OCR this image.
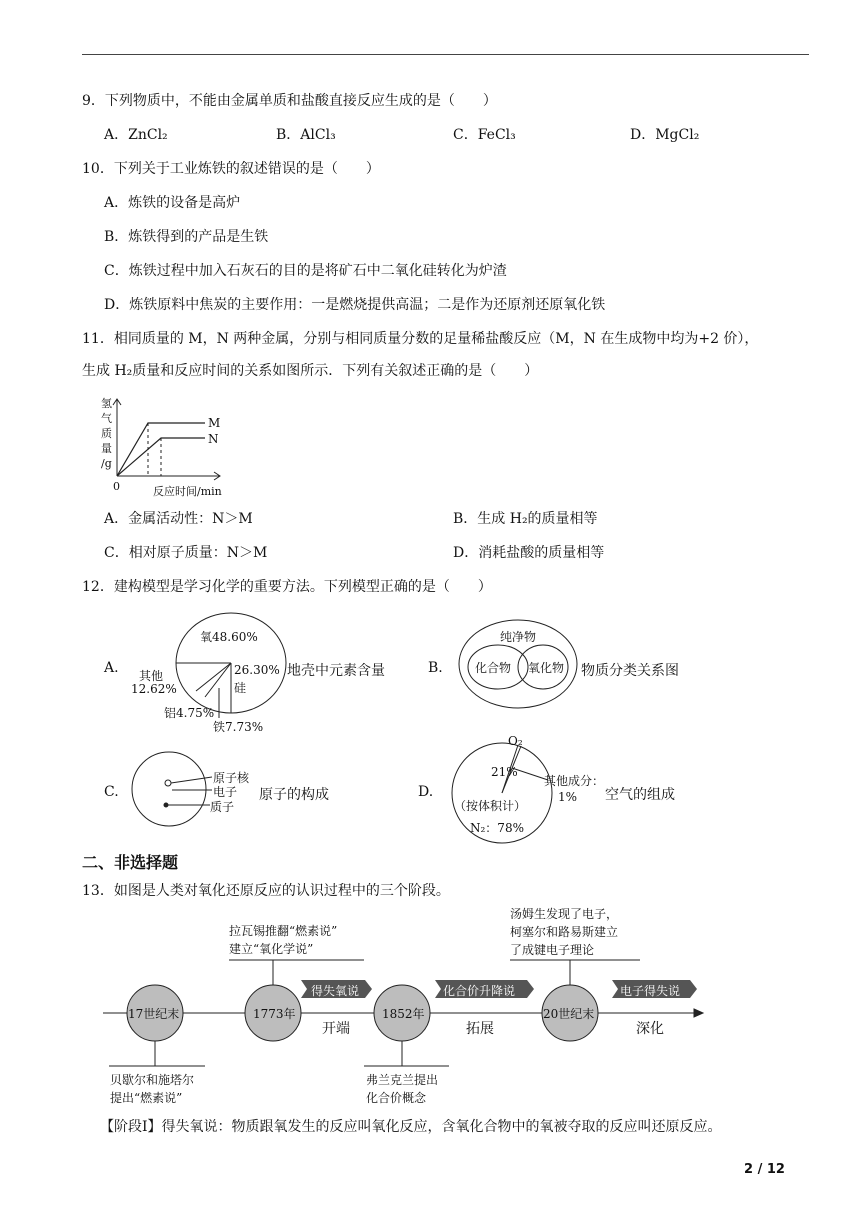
9．下列物质中，不能由金属单质和盐酸直接反应生成的是（　　）
A．ZnCl₂	B．AlCl₃	C．FeCl₃	D．MgCl₂
10．下列关于工业炼铁的叙述错误的是（　　）
A．炼铁的设备是高炉
B．炼铁得到的产品是生铁
C．炼铁过程中加入石灰石的目的是将矿石中二氧化硅转化为炉渣
D．炼铁原料中焦炭的主要作用：一是燃烧提供高温；二是作为还原剂还原氧化铁
11．相同质量的 M，N 两种金属，分别与相同质量分数的足量稀盐酸反应（M，N 在生成物中均为+2 价），
生成 H₂质量和反应时间的关系如图所示．下列有关叙述正确的是（　　）
氢
气
质
量
/g
0	反应时间/min
M
N
A．金属活动性：N＞M	B．生成 H₂的质量相等
C．相对原子质量：N＞M	D．消耗盐酸的质量相等
12．建构模型是学习化学的重要方法。下列模型正确的是（　　）
A.
氧48.60%
26.30%
硅
其他
12.62%
铝4.75%
铁7.73%
地壳中元素含量	B.
纯净物
化合物 氧化物 物质分类关系图
C.
原子核
电子
质子
原子的构成	D.
O₂
21%
其他成分：
1%
（按体积计）
N₂：78%
空气的组成
二、非选择题
13．如图是人类对氧化还原反应的认识过程中的三个阶段。
拉瓦锡推翻“燃素说”
建立“氧化学说”
汤姆生发现了电子，
柯塞尔和路易斯建立
了成键电子理论
得失氧说	化合价升降说	电子得失说
17世纪末	1773年	1852年	20世纪末
开端	拓展	深化
贝歇尔和施塔尔
提出“燃素说”
弗兰克兰提出
化合价概念
【阶段Ⅰ】得失氧说：物质跟氧发生的反应叫氧化反应，含氧化合物中的氧被夺取的反应叫还原反应。
2 / 12
